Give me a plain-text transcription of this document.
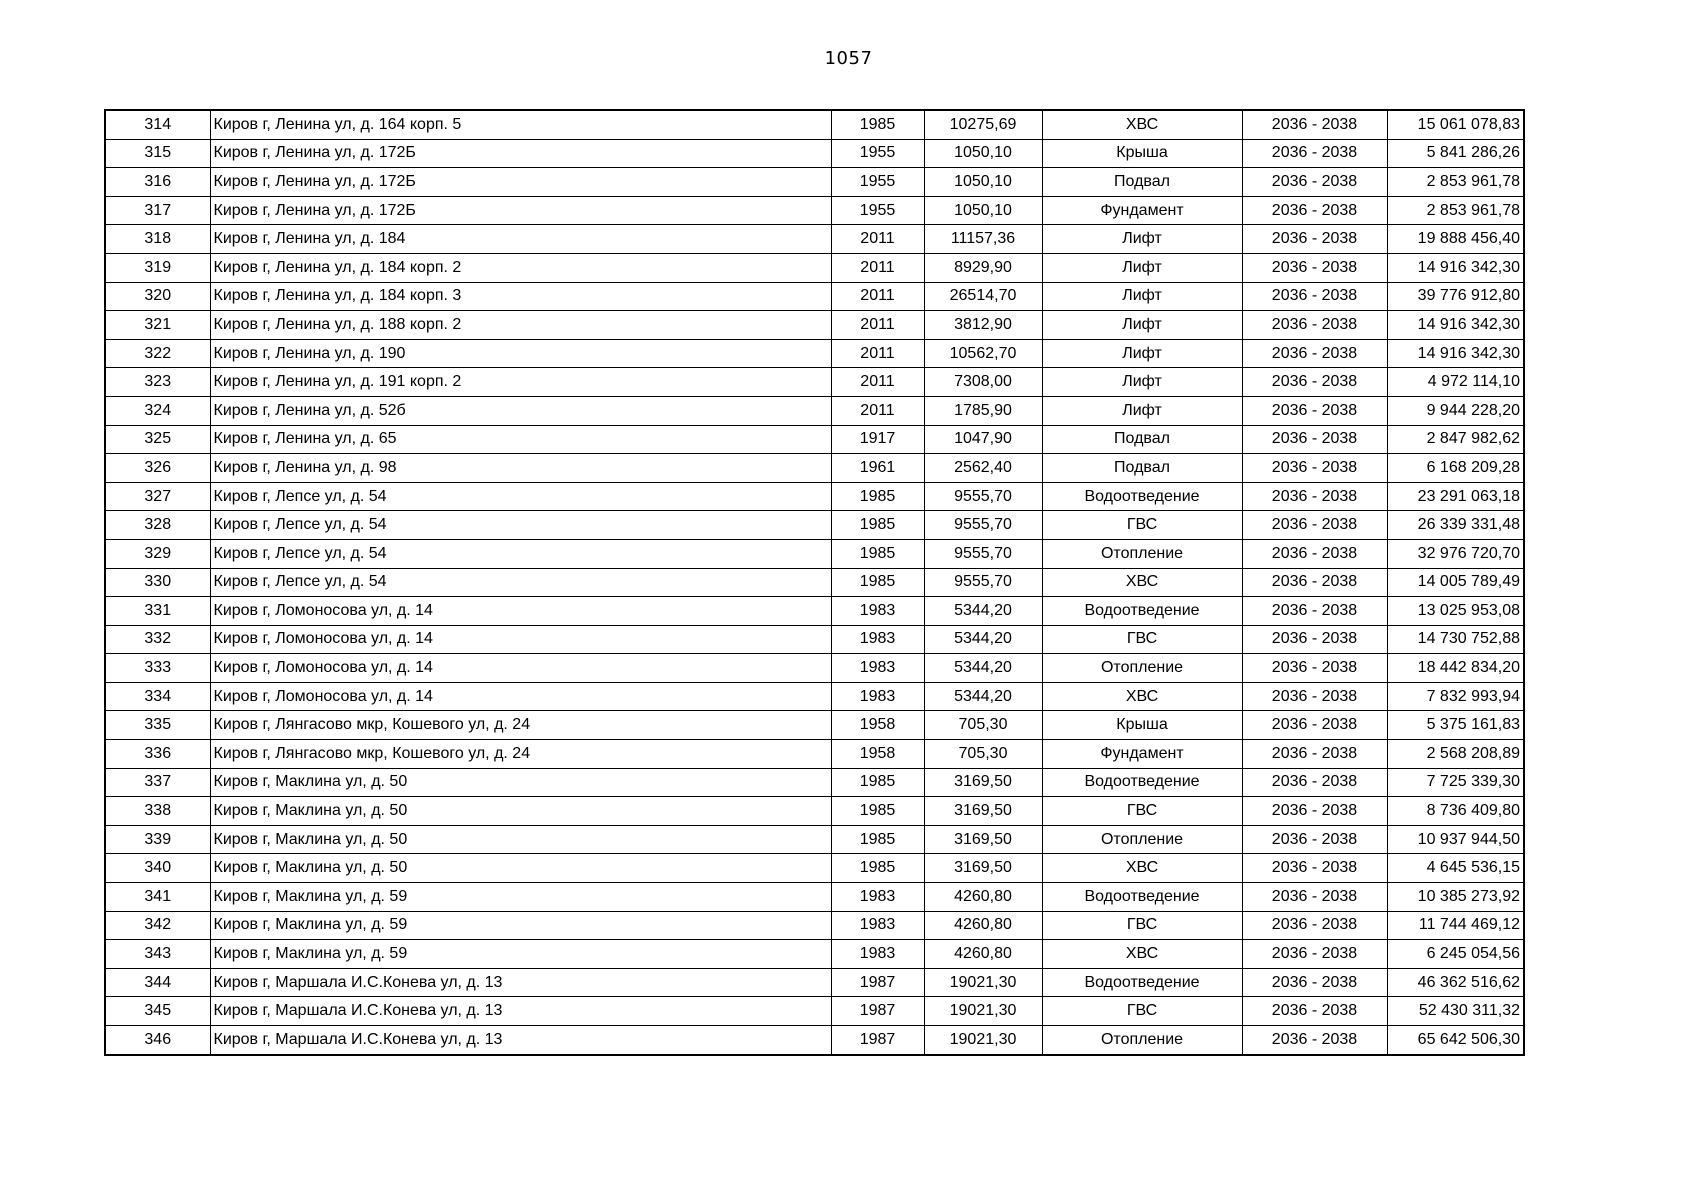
1057
314	Киров г, Ленина ул, д. 164 корп. 5	1985	10275,69	ХВС	2036 - 2038	15 061 078,83
315	Киров г, Ленина ул, д. 172Б	1955	1050,10	Крыша	2036 - 2038	5 841 286,26
316	Киров г, Ленина ул, д. 172Б	1955	1050,10	Подвал	2036 - 2038	2 853 961,78
317	Киров г, Ленина ул, д. 172Б	1955	1050,10	Фундамент	2036 - 2038	2 853 961,78
318	Киров г, Ленина ул, д. 184	2011	11157,36	Лифт	2036 - 2038	19 888 456,40
319	Киров г, Ленина ул, д. 184 корп. 2	2011	8929,90	Лифт	2036 - 2038	14 916 342,30
320	Киров г, Ленина ул, д. 184 корп. 3	2011	26514,70	Лифт	2036 - 2038	39 776 912,80
321	Киров г, Ленина ул, д. 188 корп. 2	2011	3812,90	Лифт	2036 - 2038	14 916 342,30
322	Киров г, Ленина ул, д. 190	2011	10562,70	Лифт	2036 - 2038	14 916 342,30
323	Киров г, Ленина ул, д. 191 корп. 2	2011	7308,00	Лифт	2036 - 2038	4 972 114,10
324	Киров г, Ленина ул, д. 52б	2011	1785,90	Лифт	2036 - 2038	9 944 228,20
325	Киров г, Ленина ул, д. 65	1917	1047,90	Подвал	2036 - 2038	2 847 982,62
326	Киров г, Ленина ул, д. 98	1961	2562,40	Подвал	2036 - 2038	6 168 209,28
327	Киров г, Лепсе ул, д. 54	1985	9555,70	Водоотведение	2036 - 2038	23 291 063,18
328	Киров г, Лепсе ул, д. 54	1985	9555,70	ГВС	2036 - 2038	26 339 331,48
329	Киров г, Лепсе ул, д. 54	1985	9555,70	Отопление	2036 - 2038	32 976 720,70
330	Киров г, Лепсе ул, д. 54	1985	9555,70	ХВС	2036 - 2038	14 005 789,49
331	Киров г, Ломоносова ул, д. 14	1983	5344,20	Водоотведение	2036 - 2038	13 025 953,08
332	Киров г, Ломоносова ул, д. 14	1983	5344,20	ГВС	2036 - 2038	14 730 752,88
333	Киров г, Ломоносова ул, д. 14	1983	5344,20	Отопление	2036 - 2038	18 442 834,20
334	Киров г, Ломоносова ул, д. 14	1983	5344,20	ХВС	2036 - 2038	7 832 993,94
335	Киров г, Лянгасово мкр, Кошевого ул, д. 24	1958	705,30	Крыша	2036 - 2038	5 375 161,83
336	Киров г, Лянгасово мкр, Кошевого ул, д. 24	1958	705,30	Фундамент	2036 - 2038	2 568 208,89
337	Киров г, Маклина ул, д. 50	1985	3169,50	Водоотведение	2036 - 2038	7 725 339,30
338	Киров г, Маклина ул, д. 50	1985	3169,50	ГВС	2036 - 2038	8 736 409,80
339	Киров г, Маклина ул, д. 50	1985	3169,50	Отопление	2036 - 2038	10 937 944,50
340	Киров г, Маклина ул, д. 50	1985	3169,50	ХВС	2036 - 2038	4 645 536,15
341	Киров г, Маклина ул, д. 59	1983	4260,80	Водоотведение	2036 - 2038	10 385 273,92
342	Киров г, Маклина ул, д. 59	1983	4260,80	ГВС	2036 - 2038	11 744 469,12
343	Киров г, Маклина ул, д. 59	1983	4260,80	ХВС	2036 - 2038	6 245 054,56
344	Киров г, Маршала И.С.Конева ул, д. 13	1987	19021,30	Водоотведение	2036 - 2038	46 362 516,62
345	Киров г, Маршала И.С.Конева ул, д. 13	1987	19021,30	ГВС	2036 - 2038	52 430 311,32
346	Киров г, Маршала И.С.Конева ул, д. 13	1987	19021,30	Отопление	2036 - 2038	65 642 506,30
